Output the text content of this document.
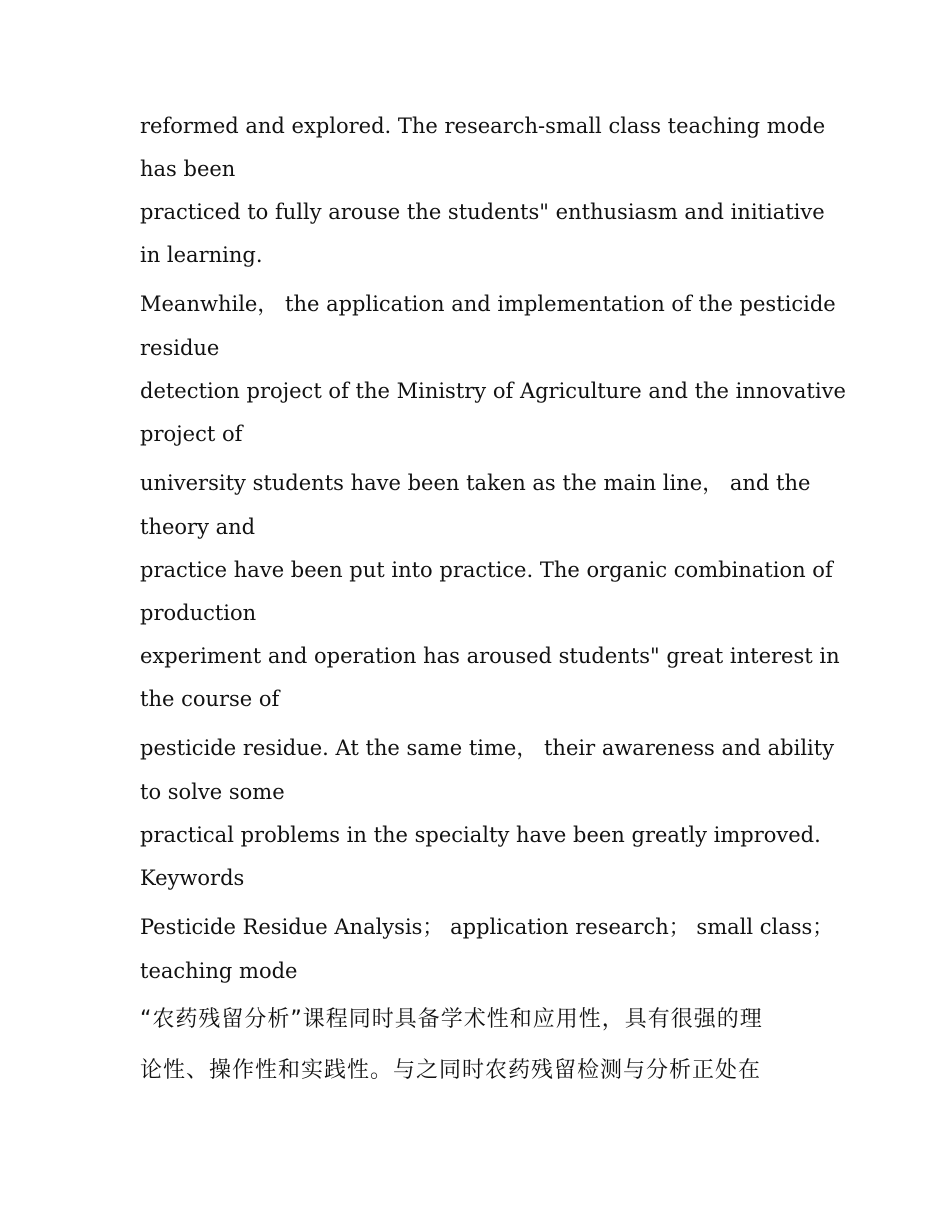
reformed and explored. The research-small class teaching mode

has been

practiced to fully arouse the students" enthusiasm and initiative

in learning.

Meanwhile， the application and implementation of the pesticide

residue

detection project of the Ministry of Agriculture and the innovative

project of

university students have been taken as the main line， and the

theory and

practice have been put into practice. The organic combination of

production

experiment and operation has aroused students" great interest in

the course of

pesticide residue. At the same time， their awareness and ability

to solve some

practical problems in the specialty have been greatly improved.

Keywords

Pesticide Residue Analysis； application research； small class；

teaching mode

“农药残留分析”课程同时具备学术性和应用性，具有很强的理

论性、操作性和实践性。与之同时农药残留检测与分析正处在
